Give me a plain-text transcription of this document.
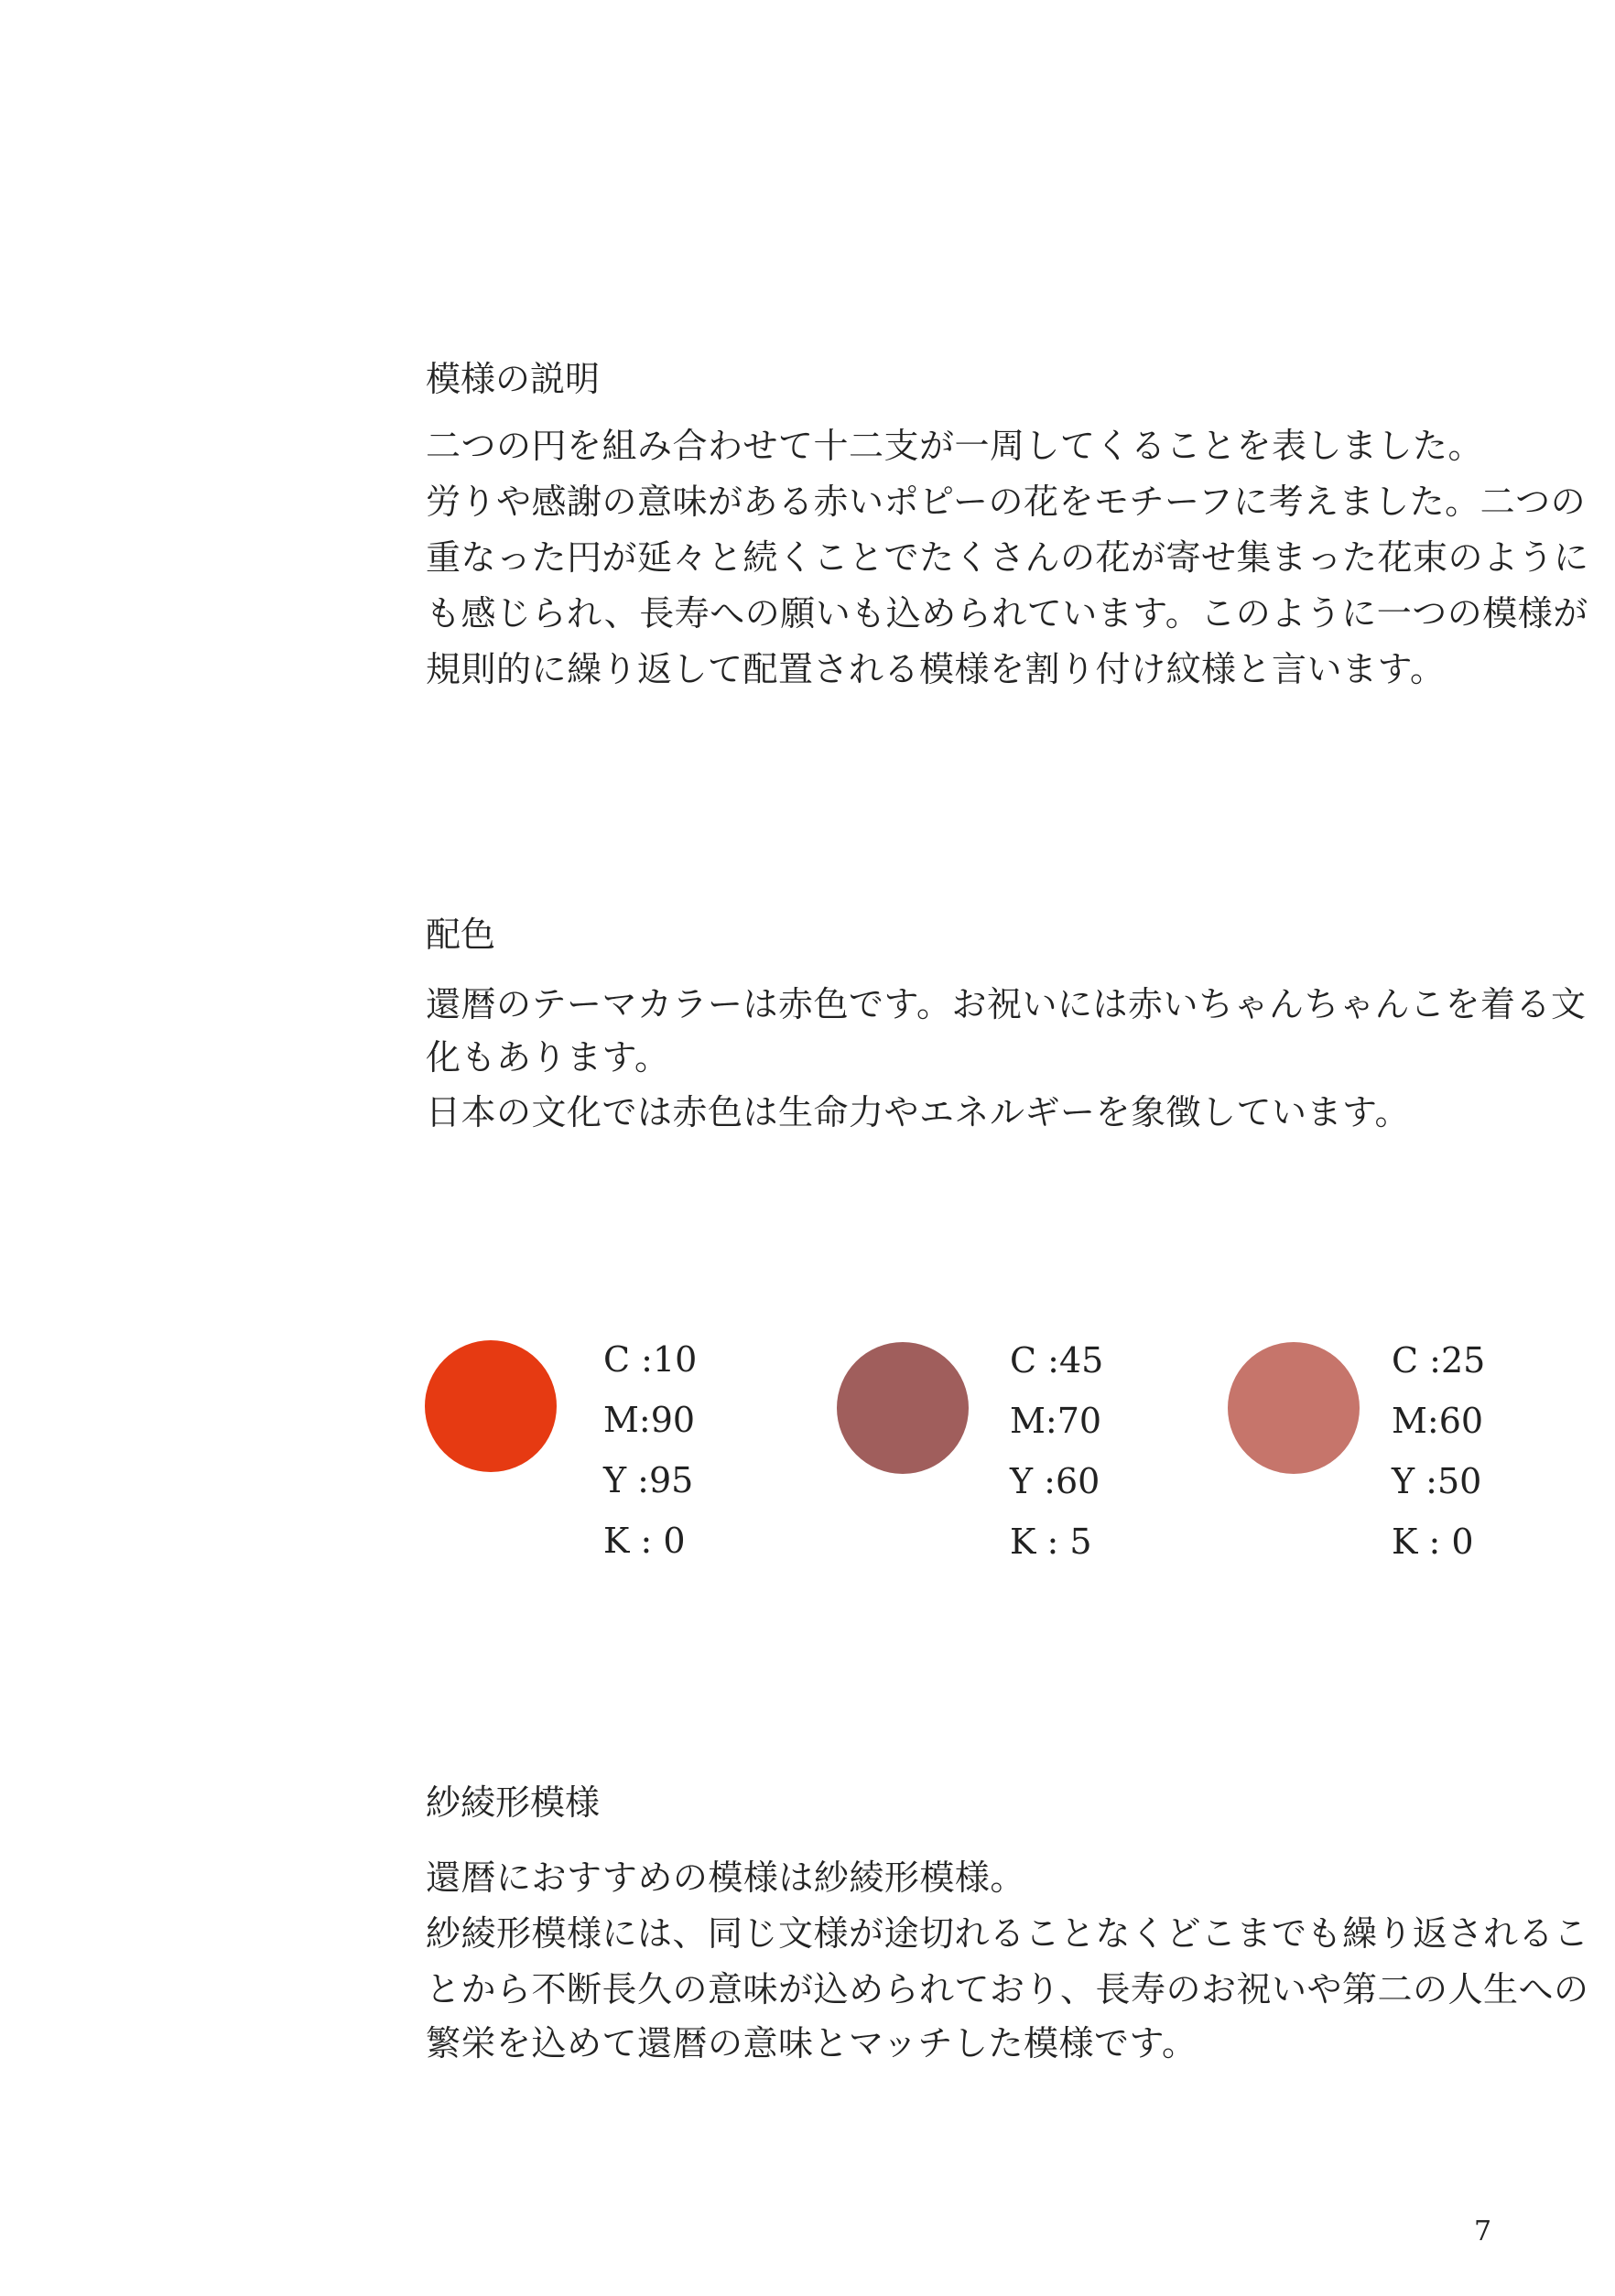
模様の説明
二つの円を組み合わせて十二支が一周してくることを表しました。
労りや感謝の意味がある赤いポピーの花をモチーフに考えました。二つの
重なった円が延々と続くことでたくさんの花が寄せ集まった花束のように
も感じられ、長寿への願いも込められています。このように一つの模様が
規則的に繰り返して配置される模様を割り付け紋様と言います。
配色
還暦のテーマカラーは赤色です。お祝いには赤いちゃんちゃんこを着る文
化もあります。
日本の文化では赤色は生命力やエネルギーを象徴しています。
C :10
M:90
Y :95
K : 0
C :45
M:70
Y :60
K : 5
C :25
M:60
Y :50
K : 0
紗綾形模様
還暦におすすめの模様は紗綾形模様。
紗綾形模様には、同じ文様が途切れることなくどこまでも繰り返されるこ
とから不断長久の意味が込められており、長寿のお祝いや第二の人生への
繁栄を込めて還暦の意味とマッチした模様です。
7
